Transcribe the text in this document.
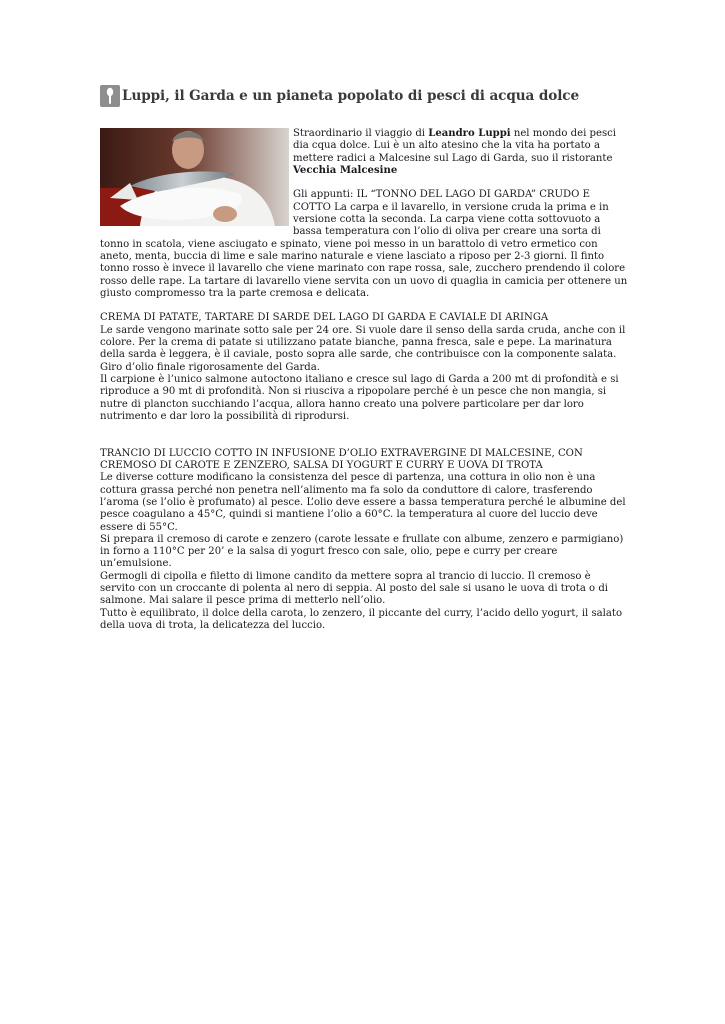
Luppi, il Garda e un pianeta popolato di pesci di acqua dolce

Straordinario il viaggio di Leandro Luppi nel mondo dei pesci dia cqua dolce. Lui è un alto atesino che la vita ha portato a mettere radici a Malcesine sul Lago di Garda, suo il ristorante Vecchia Malcesine

Gli appunti: IL “TONNO DEL LAGO DI GARDA” CRUDO E COTTO La carpa e il lavarello, in versione cruda la prima e in versione cotta la seconda. La carpa viene cotta sottovuoto a bassa temperatura con l’olio di oliva per creare una sorta di tonno in scatola, viene asciugato e spinato, viene poi messo in un barattolo di vetro ermetico con aneto, menta, buccia di lime e sale marino naturale e viene lasciato a riposo per 2-3 giorni. Il finto tonno rosso è invece il lavarello che viene marinato con rape rossa, sale, zucchero prendendo il colore rosso delle rape. La tartare di lavarello viene servita con un uovo di quaglia in camicia per ottenere un giusto compromesso tra la parte cremosa e delicata.

CREMA DI PATATE, TARTARE DI SARDE DEL LAGO DI GARDA E CAVIALE DI ARINGA

Le sarde vengono marinate sotto sale per 24 ore. Si vuole dare il senso della sarda cruda, anche con il colore. Per la crema di patate si utilizzano patate bianche, panna fresca, sale e pepe. La marinatura della sarda è leggera, è il caviale, posto sopra alle sarde, che contribuisce con la componente salata. Giro d’olio finale rigorosamente del Garda.

Il carpione è l’unico salmone autoctono italiano e cresce sul lago di Garda a 200 mt di profondità e si riproduce a 90 mt di profondità. Non si riusciva a ripopolare perché è un pesce che non mangia, si nutre di plancton succhiando l’acqua, allora hanno creato una polvere particolare per dar loro nutrimento e dar loro la possibilità di riprodursi.

TRANCIO DI LUCCIO COTTO IN INFUSIONE D’OLIO EXTRAVERGINE DI MALCESINE, CON CREMOSO DI CAROTE E ZENZERO, SALSA DI YOGURT E CURRY E UOVA DI TROTA

Le diverse cotture modificano la consistenza del pesce di partenza, una cottura in olio non è una cottura grassa perché non penetra nell’alimento ma fa solo da conduttore di calore, trasferendo l’aroma (se l’olio è profumato) al pesce. L’olio deve essere a bassa temperatura perché le albumine del pesce coagulano a 45°C, quindi si mantiene l’olio a 60°C. la temperatura al cuore del luccio deve essere di 55°C.

Si prepara il cremoso di carote e zenzero (carote lessate e frullate con albume, zenzero e parmigiano) in forno a 110°C per 20’ e la salsa di yogurt fresco con sale, olio, pepe e curry per creare un’emulsione.

Germogli di cipolla e filetto di limone candito da mettere sopra al trancio di luccio. Il cremoso è servito con un croccante di polenta al nero di seppia. Al posto del sale si usano le uova di trota o di salmone. Mai salare il pesce prima di metterlo nell’olio.

Tutto è equilibrato, il dolce della carota, lo zenzero, il piccante del curry, l’acido dello yogurt, il salato della uova di trota, la delicatezza del luccio.
